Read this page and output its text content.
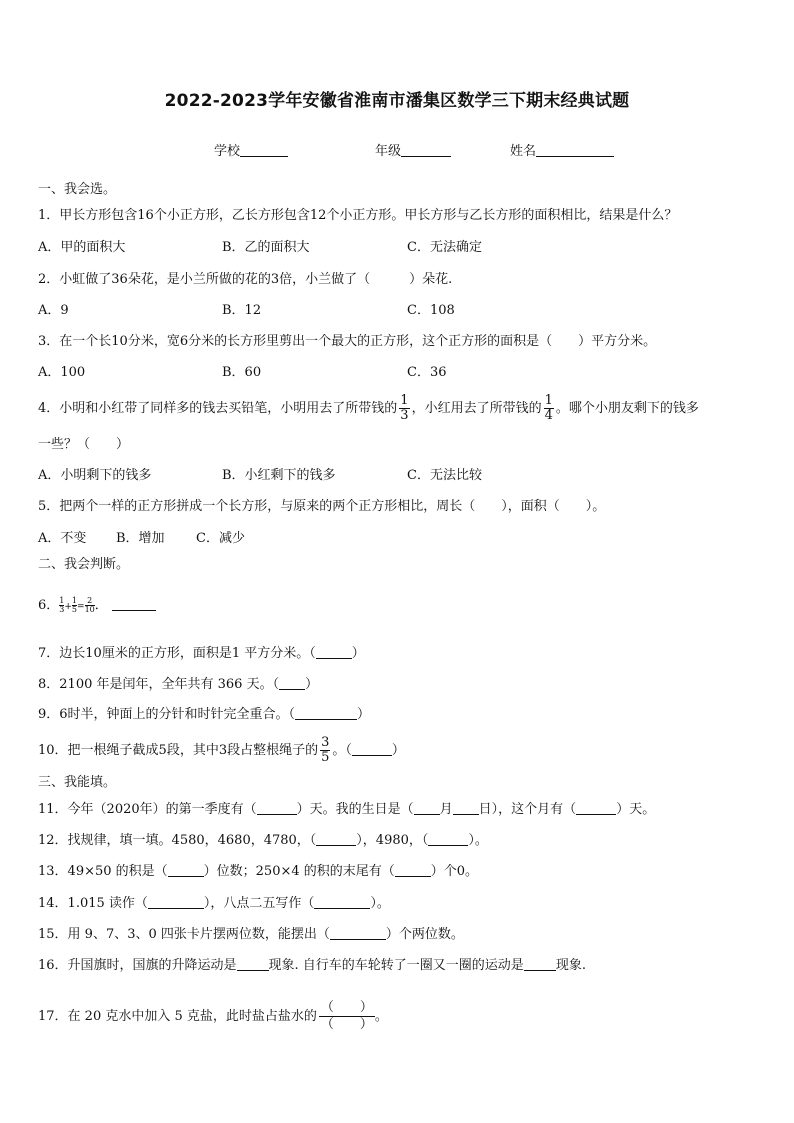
2022-2023学年安徽省淮南市潘集区数学三下期末经典试题
学校	年级	姓名
一、我会选。
1．甲长方形包含16个小正方形，乙长方形包含12个小正方形。甲长方形与乙长方形的面积相比，结果是什么？
A．甲的面积大	B．乙的面积大	C．无法确定
2．小虹做了36朵花，是小兰所做的花的3倍，小兰做了（　　　）朵花.
A．9	B．12	C．108
3．在一个长10分米，宽6分米的长方形里剪出一个最大的正方形，这个正方形的面积是（　　）平方分米。
A．100	B．60	C．36
4．小明和小红带了同样多的钱去买铅笔，小明用去了所带钱的 $\frac{1}{3}$ ，小红用去了所带钱的 $\frac{1}{4}$ 。哪个小朋友剩下的钱多
一些？（　　）
A．小明剩下的钱多	B．小红剩下的钱多	C．无法比较
5．把两个一样的正方形拼成一个长方形，与原来的两个正方形相比，周长（　　），面积（　　）。
A．不变 B．增加 C．减少
二、我会判断。
6． $\frac{1}{3} + \frac{1}{5} = \frac{2}{10}$ ．
7．边长10厘米的正方形，面积是1 平方分米。（	）
8．2100 年是闰年，全年共有 366 天。（ ）
9．6时半，钟面上的分针和时针完全重合。（	）
10．把一根绳子截成5段，其中3段占整根绳子的 $\frac{3}{5}$ 。（	）
三、我能填。
11．今年（2020年）的第一季度有（	）天。我的生日是（ 月 日），这个月有（	）天。
12．找规律，填一填。4580，4680，4780，（	），4980，（	）。
13．49×50 的积是（	）位数；250×4 的积的末尾有（	）个0。
14．1.015 读作（	），八点二五写作（	）。
15．用 9、7、3、0 四张卡片摆两位数，能摆出（	）个两位数。
16．升国旗时，国旗的升降运动是 现象. 自行车的车轮转了一圈又一圈的运动是 现象.
17．在 20 克水中加入 5 克盐，此时盐占盐水的 $\frac{( )}{( )}$ 。
